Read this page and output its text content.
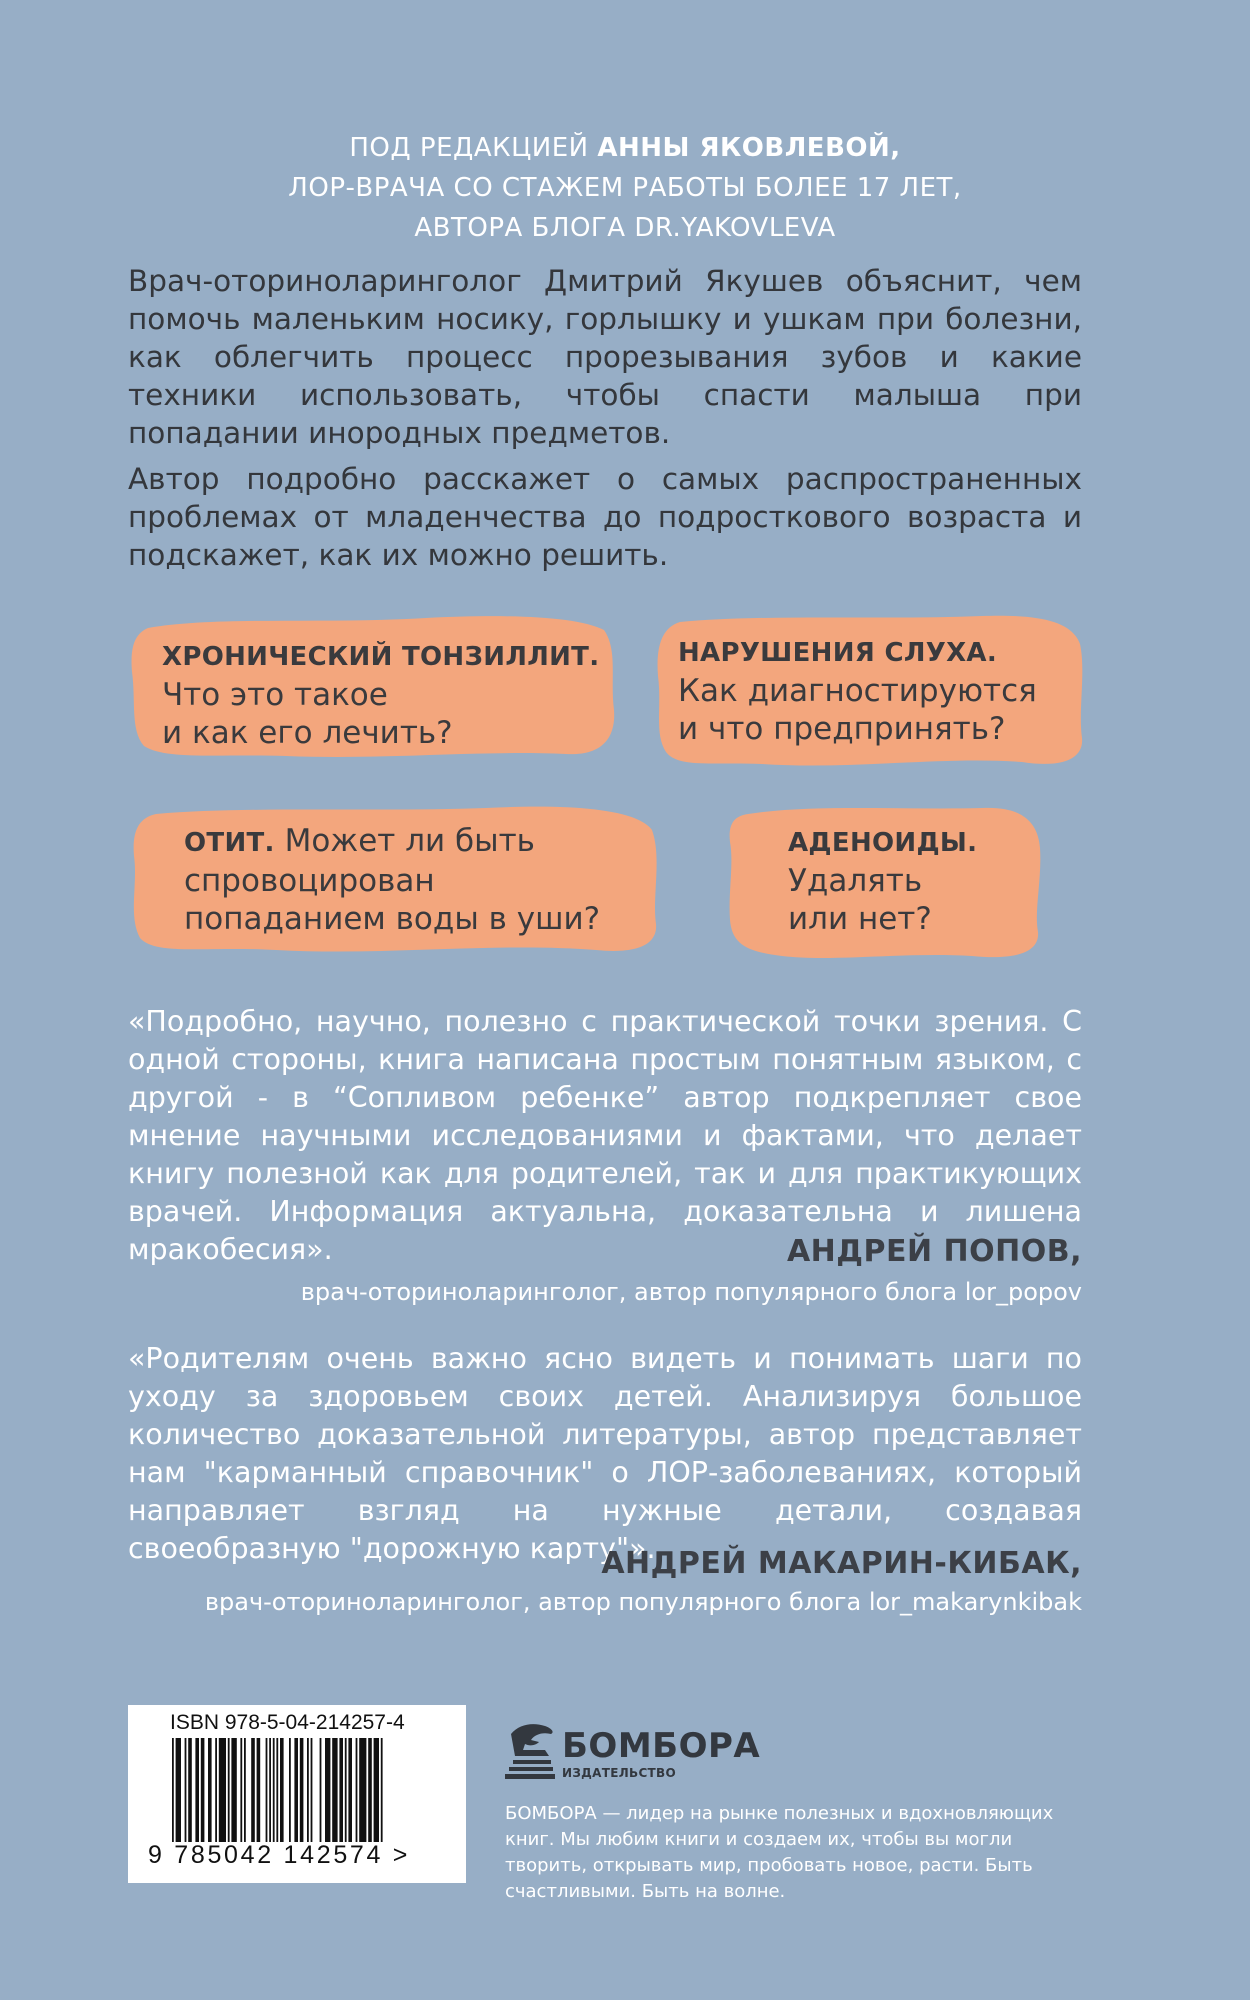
ПОД РЕДАКЦИЕЙ АННЫ ЯКОВЛЕВОЙ,
ЛОР-ВРАЧА СО СТАЖЕМ РАБОТЫ БОЛЕЕ 17 ЛЕТ,
АВТОРА БЛОГА DR.YAKOVLEVA
Врач-оториноларинголог Дмитрий Якушев объяснит, чем помочь маленьким носику, горлышку и ушкам при болезни, как облегчить процесс прорезывания зубов и какие техники использовать, чтобы спасти малыша при попадании инородных предметов.
Автор подробно расскажет о самых распространенных проблемах от младенчества до подросткового возраста и подскажет, как их можно решить.
ХРОНИЧЕСКИЙ ТОНЗИЛЛИТ.
Что это такое
и как его лечить?
НАРУШЕНИЯ СЛУХА.
Как диагностируются
и что предпринять?
ОТИТ. Может ли быть
спровоцирован
попаданием воды в уши?
АДЕНОИДЫ.
Удалять
или нет?
«Подробно, научно, полезно с практической точки зрения. С одной стороны, книга написана простым понятным языком, с другой - в “Сопливом ребенке” автор подкрепляет свое мнение научными исследованиями и фактами, что делает книгу полезной как для родителей, так и для практикующих врачей. Информация актуальна, доказательна и лишена мракобесия».	АНДРЕЙ ПОПОВ,
врач-оториноларинголог, автор популярного блога lor_popov
«Родителям очень важно ясно видеть и понимать шаги по уходу за здоровьем своих детей. Анализируя большое количество доказательной литературы, автор представляет нам "карманный справочник" о ЛОР-заболеваниях, который направляет взгляд на нужные детали, создавая своеобразную "дорожную карту"».
АНДРЕЙ МАКАРИН-КИБАК,
врач-оториноларинголог, автор популярного блога lor_makarynkibak
ISBN 978-5-04-214257-4
9 785042 142574 >
БОМБОРА
ИЗДАТЕЛЬСТВО
БОМБОРА — лидер на рынке полезных и вдохновляющих книг. Мы любим книги и создаем их, чтобы вы могли творить, открывать мир, пробовать новое, расти. Быть счастливыми. Быть на волне.
